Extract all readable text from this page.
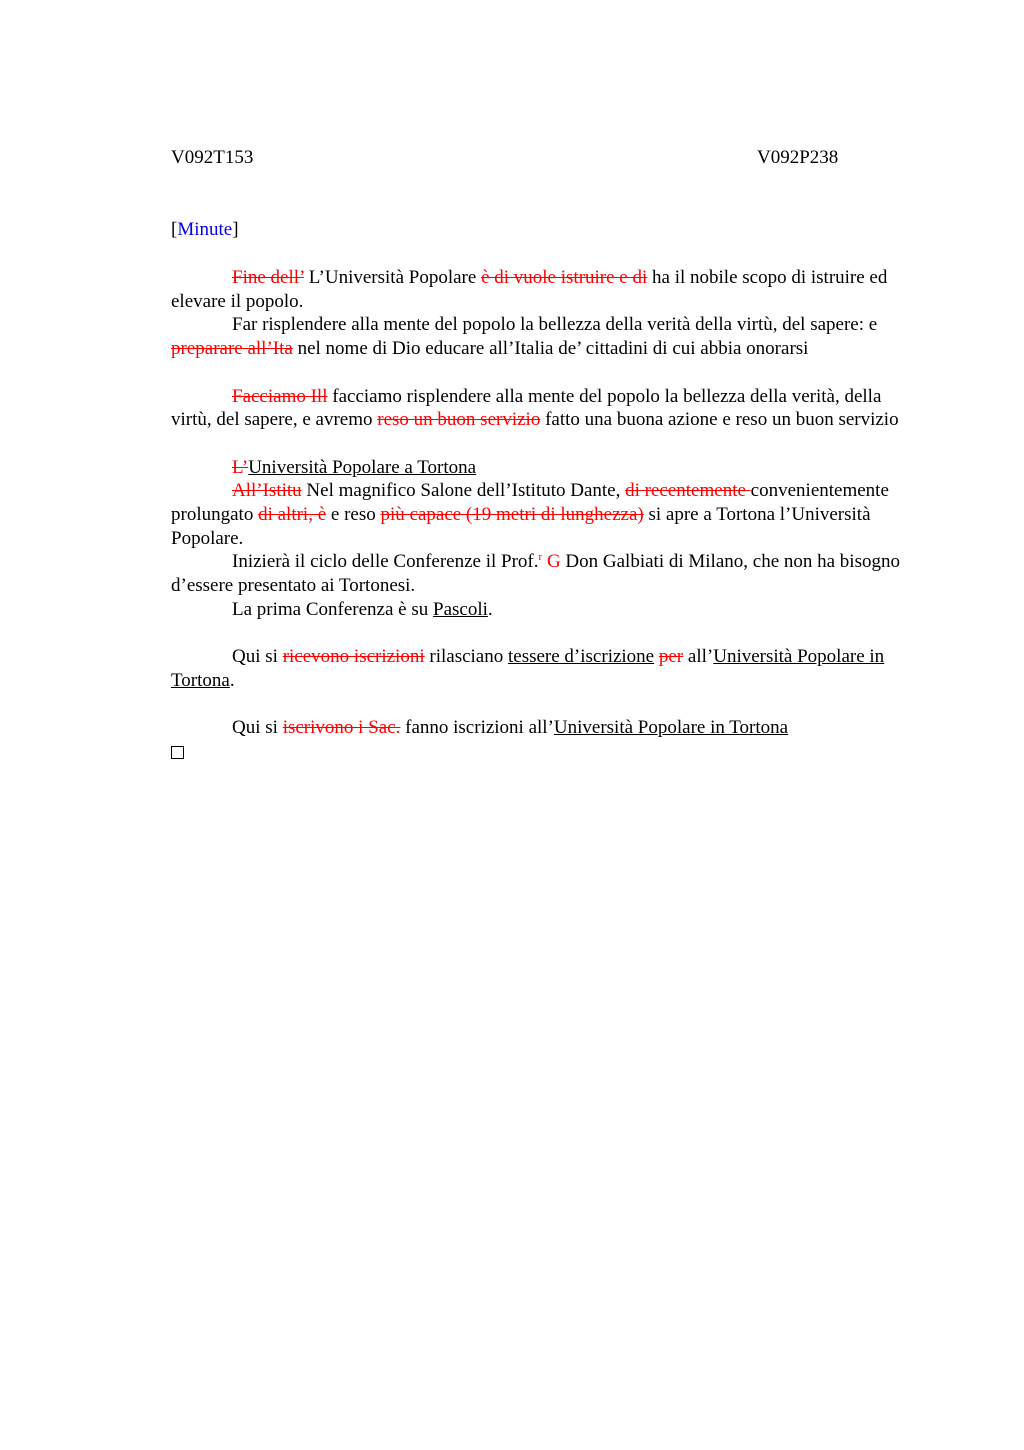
V092T153	V092P238
[Minute]

Fine dell’ L’Università Popolare è di vuole istruire e di ha il nobile scopo di istruire ed elevare il popolo.

Far risplendere alla mente del popolo la bellezza della verità della virtù, del sapere: e preparare all’Ita nel nome di Dio educare all’Italia de’ cittadini di cui abbia onorarsi

Facciamo Ill facciamo risplendere alla mente del popolo la bellezza della verità, della virtù, del sapere, e avremo reso un buon servizio fatto una buona azione e reso un buon servizio

L’Università Popolare a Tortona

All’Istitu Nel magnifico Salone dell’Istituto Dante, di recentemente convenientemente prolungato di altri, è e reso più capace (19 metri di lunghezza) si apre a Tortona l’Università Popolare.

Inizierà il ciclo delle Conferenze il Prof.$^r$ G Don Galbiati di Milano, che non ha bisogno d’essere presentato ai Tortonesi.

La prima Conferenza è su Pascoli.

Qui si ricevono iscrizioni rilasciano tessere d’iscrizione per all’Università Popolare in Tortona.

Qui si iscrivono i Sac. fanno iscrizioni all’Università Popolare in Tortona
